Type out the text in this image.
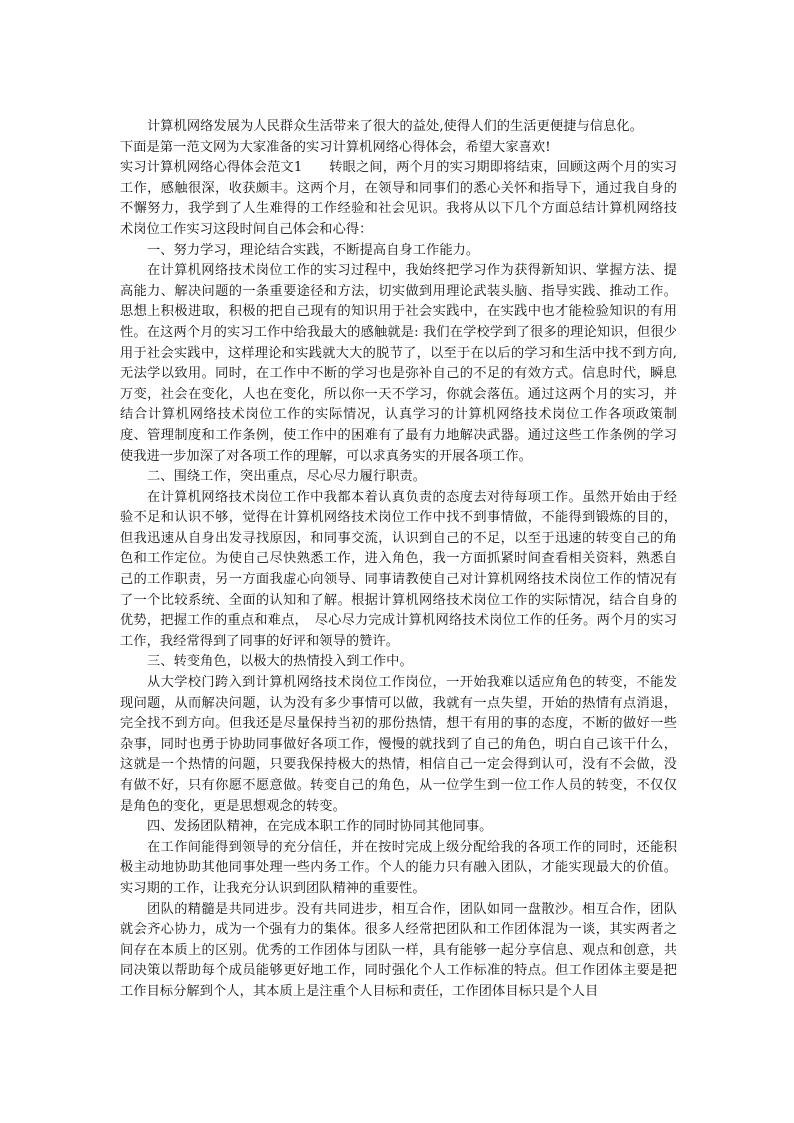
计算机网络发展为人民群众生活带来了很大的益处,使得人们的生活更便捷与信息化。

下面是第一范文网为大家准备的实习计算机网络心得体会，希望大家喜欢!

实习计算机网络心得体会范文1　　转眼之间，两个月的实习期即将结束，回顾这两个月的实习工作，感触很深，收获颇丰。这两个月，在领导和同事们的悉心关怀和指导下，通过我自身的不懈努力，我学到了人生难得的工作经验和社会见识。我将从以下几个方面总结计算机网络技术岗位工作实习这段时间自己体会和心得：

一、努力学习，理论结合实践，不断提高自身工作能力。

在计算机网络技术岗位工作的实习过程中，我始终把学习作为获得新知识、掌握方法、提高能力、解决问题的一条重要途径和方法，切实做到用理论武装头脑、指导实践、推动工作。思想上积极进取，积极的把自己现有的知识用于社会实践中，在实践中也才能检验知识的有用性。在这两个月的实习工作中给我最大的感触就是: 我们在学校学到了很多的理论知识，但很少用于社会实践中，这样理论和实践就大大的脱节了，以至于在以后的学习和生活中找不到方向, 无法学以致用。同时，在工作中不断的学习也是弥补自己的不足的有效方式。信息时代，瞬息万变，社会在变化，人也在变化，所以你一天不学习，你就会落伍。通过这两个月的实习，并结合计算机网络技术岗位工作的实际情况，认真学习的计算机网络技术岗位工作各项政策制度、管理制度和工作条例，使工作中的困难有了最有力地解决武器。通过这些工作条例的学习使我进一步加深了对各项工作的理解，可以求真务实的开展各项工作。

二、围绕工作，突出重点，尽心尽力履行职责。

在计算机网络技术岗位工作中我都本着认真负责的态度去对待每项工作。虽然开始由于经验不足和认识不够，觉得在计算机网络技术岗位工作中找不到事情做，不能得到锻炼的目的，但我迅速从自身出发寻找原因，和同事交流，认识到自己的不足，以至于迅速的转变自己的角色和工作定位。为使自己尽快熟悉工作，进入角色，我一方面抓紧时间查看相关资料，熟悉自己的工作职责，另一方面我虚心向领导、同事请教使自己对计算机网络技术岗位工作的情况有了一个比较系统、全面的认知和了解。根据计算机网络技术岗位工作的实际情况，结合自身的优势，把握工作的重点和难点，　尽心尽力完成计算机网络技术岗位工作的任务。两个月的实习工作，我经常得到了同事的好评和领导的赞许。

三、转变角色，以极大的热情投入到工作中。

从大学校门跨入到计算机网络技术岗位工作岗位，一开始我难以适应角色的转变，不能发现问题，从而解决问题，认为没有多少事情可以做，我就有一点失望，开始的热情有点消退，完全找不到方向。但我还是尽量保持当初的那份热情，想干有用的事的态度，不断的做好一些杂事，同时也勇于协助同事做好各项工作，慢慢的就找到了自己的角色，明白自己该干什么，这就是一个热情的问题，只要我保持极大的热情，相信自己一定会得到认可，没有不会做，没有做不好，只有你愿不愿意做。转变自己的角色，从一位学生到一位工作人员的转变，不仅仅是角色的变化，更是思想观念的转变。

四、发扬团队精神，在完成本职工作的同时协同其他同事。

在工作间能得到领导的充分信任，并在按时完成上级分配给我的各项工作的同时，还能积极主动地协助其他同事处理一些内务工作。个人的能力只有融入团队，才能实现最大的价值。实习期的工作，让我充分认识到团队精神的重要性。

团队的精髓是共同进步。没有共同进步，相互合作，团队如同一盘散沙。相互合作，团队就会齐心协力，成为一个强有力的集体。很多人经常把团队和工作团体混为一谈，其实两者之间存在本质上的区别。优秀的工作团体与团队一样，具有能够一起分享信息、观点和创意，共同决策以帮助每个成员能够更好地工作，同时强化个人工作标准的特点。但工作团体主要是把工作目标分解到个人，其本质上是注重个人目标和责任，工作团体目标只是个人目
